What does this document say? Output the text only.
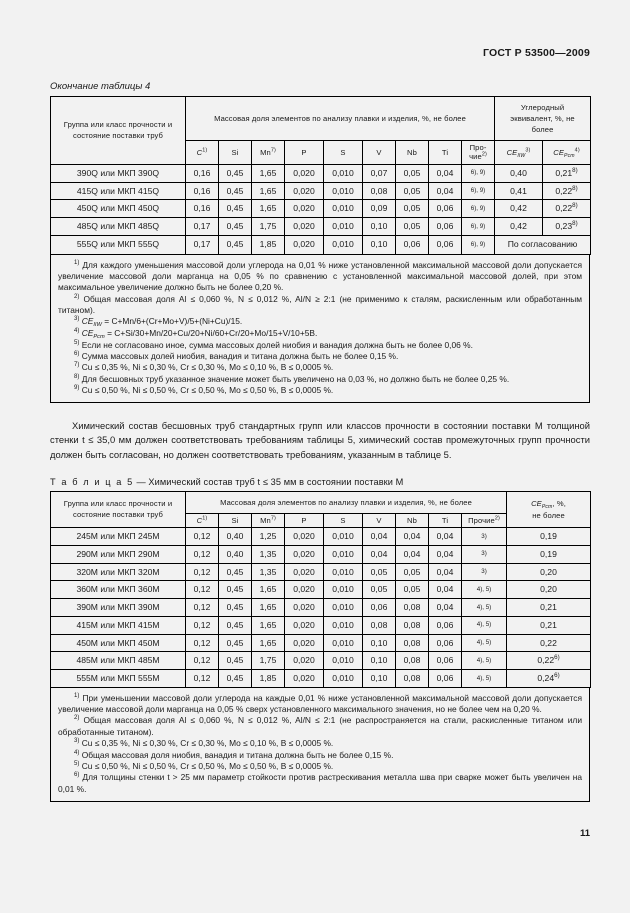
ГОСТ Р 53500—2009
Окончание таблицы 4
Группа или класс прочности и состояние поставки труб	Массовая доля элементов по анализу плавки и изделия, %, не более									Углеродный эквивалент, %, не более	
	$C^{1)}$	Si	Mn$^{7)}$	P	S	V	Nb	Ti	Прочие$^{2)}$	$CE_{IIW}^{3)}$	$CE_{Pcm}^{4)}$
390Q или МКП 390Q	0,16	0,45	1,65	0,020	0,010	0,07	0,05	0,04	6), 9)	0,40	0,21$^{8)}$
415Q или МКП 415Q	0,16	0,45	1,65	0,020	0,010	0,08	0,05	0,04	6), 9)	0,41	0,22$^{8)}$
450Q или МКП 450Q	0,16	0,45	1,65	0,020	0,010	0,09	0,05	0,06	6), 9)	0,42	0,22$^{8)}$
485Q или МКП 485Q	0,17	0,45	1,75	0,020	0,010	0,10	0,05	0,06	6), 9)	0,42	0,23$^{8)}$
555Q или МКП 555Q	0,17	0,45	1,85	0,020	0,010	0,10	0,06	0,06	6), 9)	По согласованию	

$^{1)}$ Для каждого уменьшения массовой доли углерода на 0,01 % ниже установленной максимальной массовой доли допускается увеличение массовой доли марганца на 0,05 % по сравнению с установленной максимальной массовой долей, при этом максимальное увеличение должно быть не более 0,20 %.

$^{2)}$ Общая массовая доля Al ≤ 0,060 %, N ≤ 0,012 %, Al/N ≥ 2:1 (не применимо к сталям, раскисленным или обработанным титаном).

$^{3)}$ $CE_{IIW} = C+Mn/6+(Cr+Mo+V)/5+(Ni+Cu)/15$.

$^{4)}$ $CE_{Pcm} = C+Si/30+Mn/20+Cu/20+Ni/60+Cr/20+Mo/15+V/10+5B$.

$^{5)}$ Если не согласовано иное, сумма массовых долей ниобия и ванадия должна быть не более 0,06 %.

$^{6)}$ Сумма массовых долей ниобия, ванадия и титана должна быть не более 0,15 %.

$^{7)}$ Cu ≤ 0,35 %, Ni ≤ 0,30 %, Cr ≤ 0,30 %, Mo ≤ 0,10 %, B ≤ 0,0005 %.

$^{8)}$ Для бесшовных труб указанное значение может быть увеличено на 0,03 %, но должно быть не более 0,25 %.

$^{9)}$ Cu ≤ 0,50 %, Ni ≤ 0,50 %, Cr ≤ 0,50 %, Mo ≤ 0,50 %, B ≤ 0,0005 %.

Химический состав бесшовных труб стандартных групп или классов прочности в состоянии поставки М толщиной стенки t ≤ 35,0 мм должен соответствовать требованиям таблицы 5, химический состав промежуточных групп прочности должен быть согласован, но должен соответствовать требованиям, указанным в таблице 5.
Т а б л и ц а 5 — Химический состав труб t ≤ 35 мм в состоянии поставки М
Группа или класс прочности и состояние поставки труб	Массовая доля элементов по анализу плавки и изделия, %, не более									$CE_{Pcm}$, %,
не более
	$C^{1)}$	Si	Mn$^{7)}$	P	S	V	Nb	Ti	Прочие$^{2)}$
245М или МКП 245М	0,12	0,40	1,25	0,020	0,010	0,04	0,04	0,04	3)	0,19
290М или МКП 290М	0,12	0,40	1,35	0,020	0,010	0,04	0,04	0,04	3)	0,19
320М или МКП 320М	0,12	0,45	1,35	0,020	0,010	0,05	0,05	0,04	3)	0,20
360М или МКП 360М	0,12	0,45	1,65	0,020	0,010	0,05	0,05	0,04	4), 5)	0,20
390М или МКП 390М	0,12	0,45	1,65	0,020	0,010	0,06	0,08	0,04	4), 5)	0,21
415М или МКП 415М	0,12	0,45	1,65	0,020	0,010	0,08	0,08	0,06	4), 5)	0,21
450М или МКП 450М	0,12	0,45	1,65	0,020	0,010	0,10	0,08	0,06	4), 5)	0,22
485М или МКП 485М	0,12	0,45	1,75	0,020	0,010	0,10	0,08	0,06	4), 5)	0,22$^{6)}$
555М или МКП 555М	0,12	0,45	1,85	0,020	0,010	0,10	0,08	0,06	4), 5)	0,24$^{6)}$

$^{1)}$ При уменьшении массовой доли углерода на каждые 0,01 % ниже установленной максимальной массовой доли допускается увеличение массовой доли марганца на 0,05 % сверх установленного максимального значения, но не более чем на 0,20 %.

$^{2)}$ Общая массовая доля Al ≤ 0,060 %, N ≤ 0,012 %, Al/N ≤ 2:1 (не распространяется на стали, раскисленные титаном или обработанные титаном).

$^{3)}$ Cu ≤ 0,35 %, Ni ≤ 0,30 %, Cr ≤ 0,30 %, Mo ≤ 0,10 %, B ≤ 0,0005 %.

$^{4)}$ Общая массовая доля ниобия, ванадия и титана должна быть не более 0,15 %.

$^{5)}$ Cu ≤ 0,50 %, Ni ≤ 0,50 %, Cr ≤ 0,50 %, Mo ≤ 0,50 %, B ≤ 0,0005 %.

$^{6)}$ Для толщины стенки t > 25 мм параметр стойкости против растрескивания металла шва при сварке может быть увеличен на 0,01 %.

11
